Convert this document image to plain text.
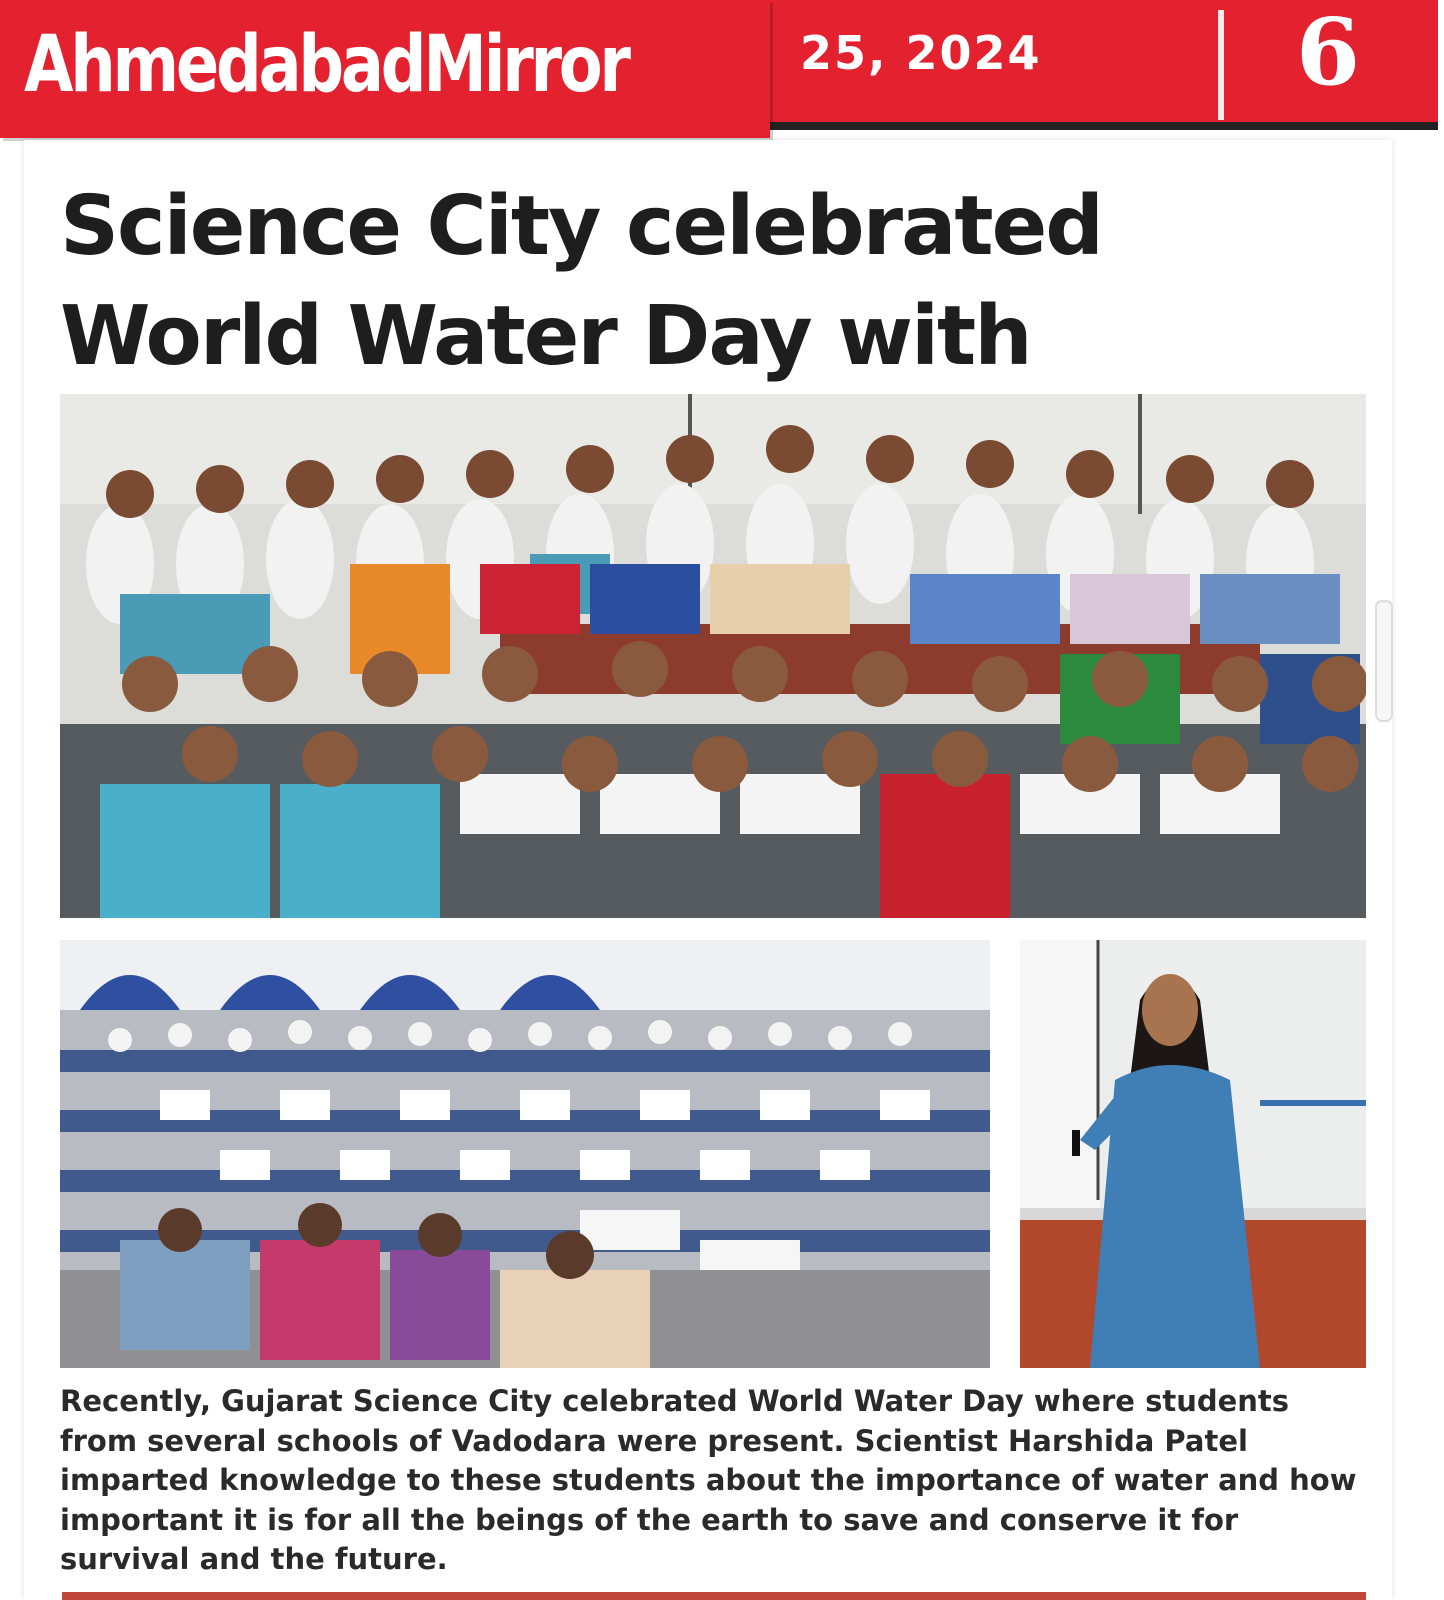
25, 2024	6
AhmedabadMirror
Science City celebrated World Water Day with

Recently, Gujarat Science City celebrated World Water Day where students from several schools of Vadodara were present. Scientist Harshida Patel imparted knowledge to these students about the importance of water and how important it is for all the beings of the earth to save and conserve it for survival and the future.
